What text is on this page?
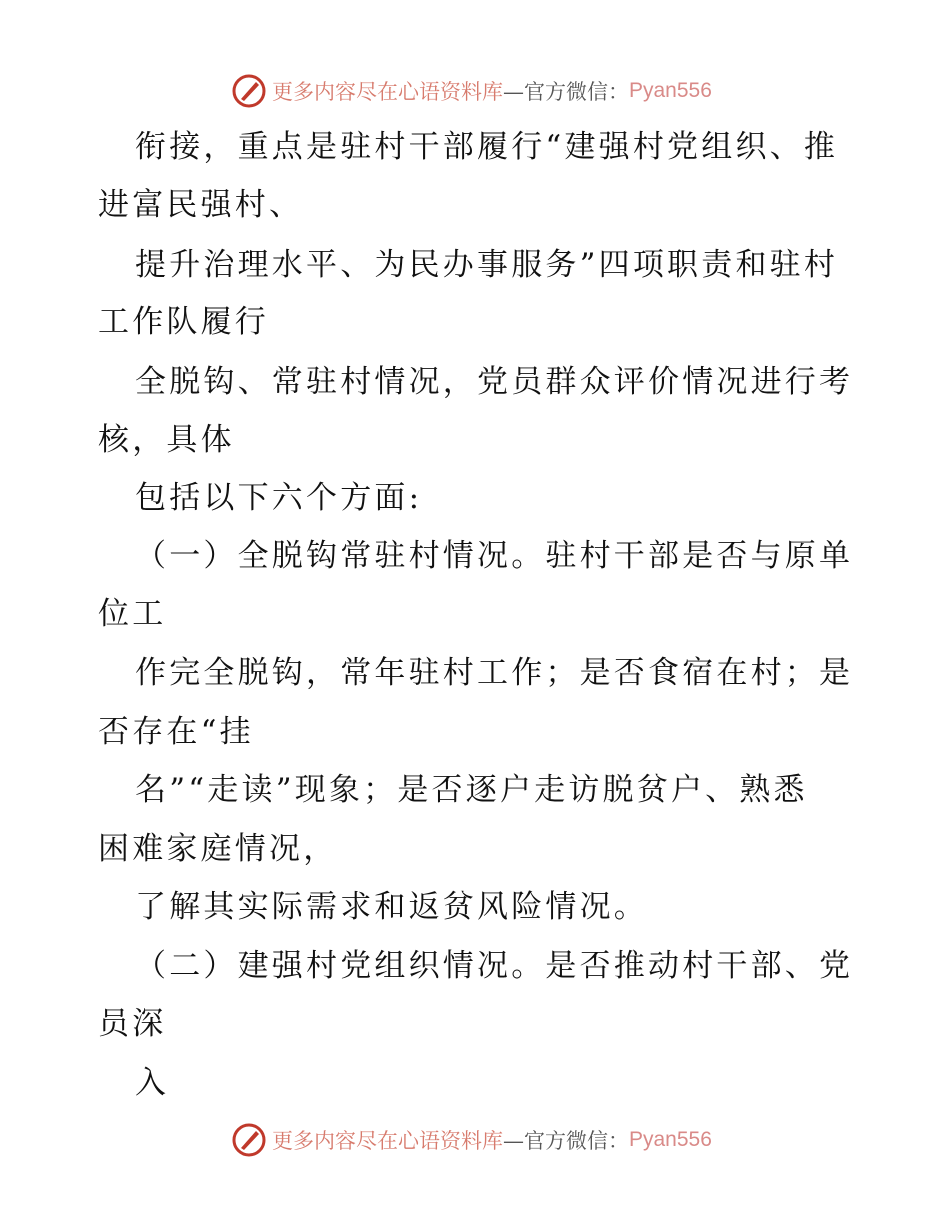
更多内容尽在心语资料库 —官方微信： Pyan556
衔接，重点是驻村干部履行“建强村党组织、推
进富民强村、
提升治理水平、为民办事服务”四项职责和驻村
工作队履行
全脱钩、常驻村情况，党员群众评价情况进行考
核，具体
包括以下六个方面:
（一）全脱钩常驻村情况。驻村干部是否与原单
位工
作完全脱钩，常年驻村工作；是否食宿在村；是
否存在“挂
名”“走读”现象；是否逐户走访脱贫户、熟悉
困难家庭情况，
了解其实际需求和返贫风险情况。
（二）建强村党组织情况。是否推动村干部、党
员深
入
更多内容尽在心语资料库 —官方微信： Pyan556
